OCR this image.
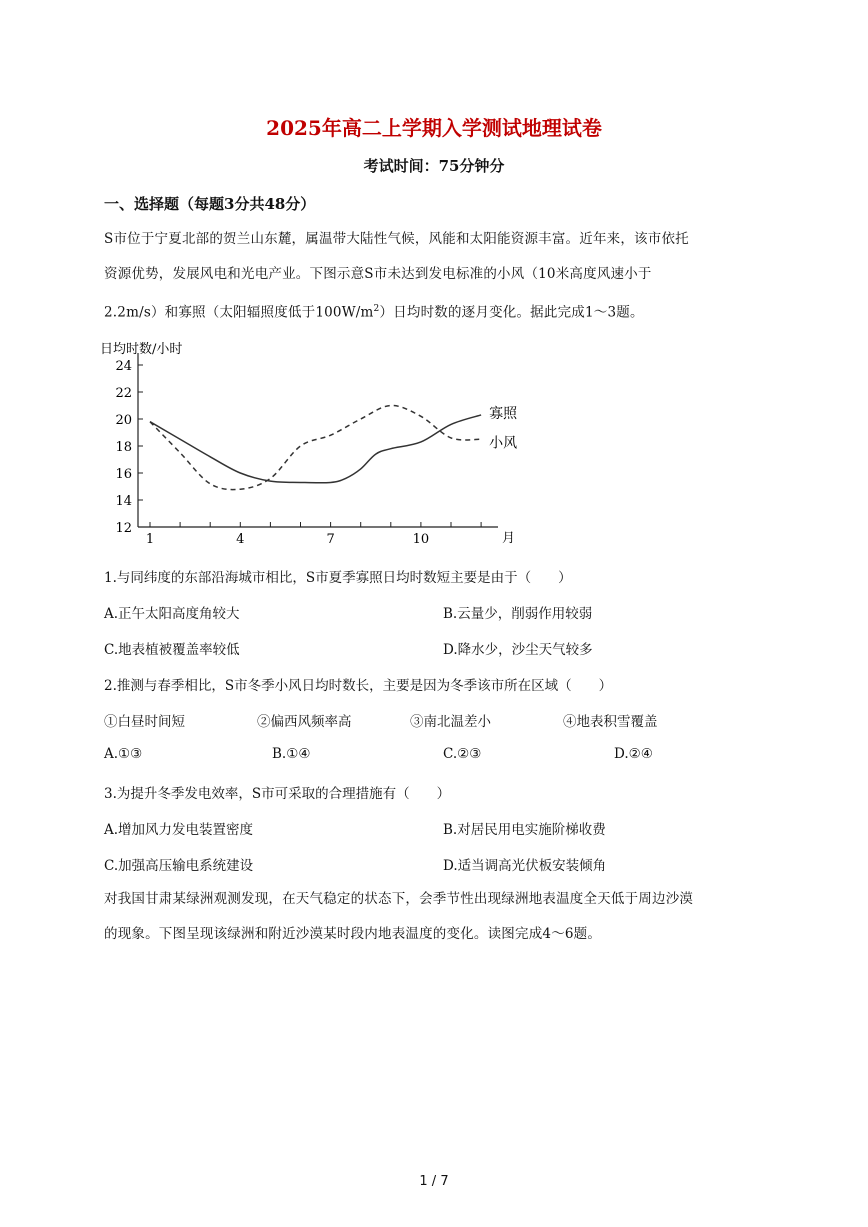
2025年高二上学期入学测试地理试卷
考试时间：75分钟分
一、选择题（每题3分共48分）

S市位于宁夏北部的贺兰山东麓，属温带大陆性气候，风能和太阳能资源丰富。近年来，该市依托

资源优势，发展风电和光电产业。下图示意S市未达到发电标准的小风（10米高度风速小于

2.2m/s）和寡照（太阳辐照度低于$100W/m^2$）日均时数的逐月变化。据此完成1～3题。

日均时数/小时
24
22
20
18
16
14
12
1	4	7	10	月
寡照
小风
1.与同纬度的东部沿海城市相比，S市夏季寡照日均时数短主要是由于（　　）
A.正午太阳高度角较大	B.云量少，削弱作用较弱
C.地表植被覆盖率较低	D.降水少，沙尘天气较多
2.推测与春季相比，S市冬季小风日均时数长，主要是因为冬季该市所在区域（　　）
①白昼时间短	②偏西风频率高	③南北温差小	④地表积雪覆盖
A.①③	B.①④	C.②③	D.②④
3.为提升冬季发电效率，S市可采取的合理措施有（　　）
A.增加风力发电装置密度	B.对居民用电实施阶梯收费
C.加强高压输电系统建设	D.适当调高光伏板安装倾角

对我国甘肃某绿洲观测发现，在天气稳定的状态下，会季节性出现绿洲地表温度全天低于周边沙漠

的现象。下图呈现该绿洲和附近沙漠某时段内地表温度的变化。读图完成4～6题。

1 / 7
